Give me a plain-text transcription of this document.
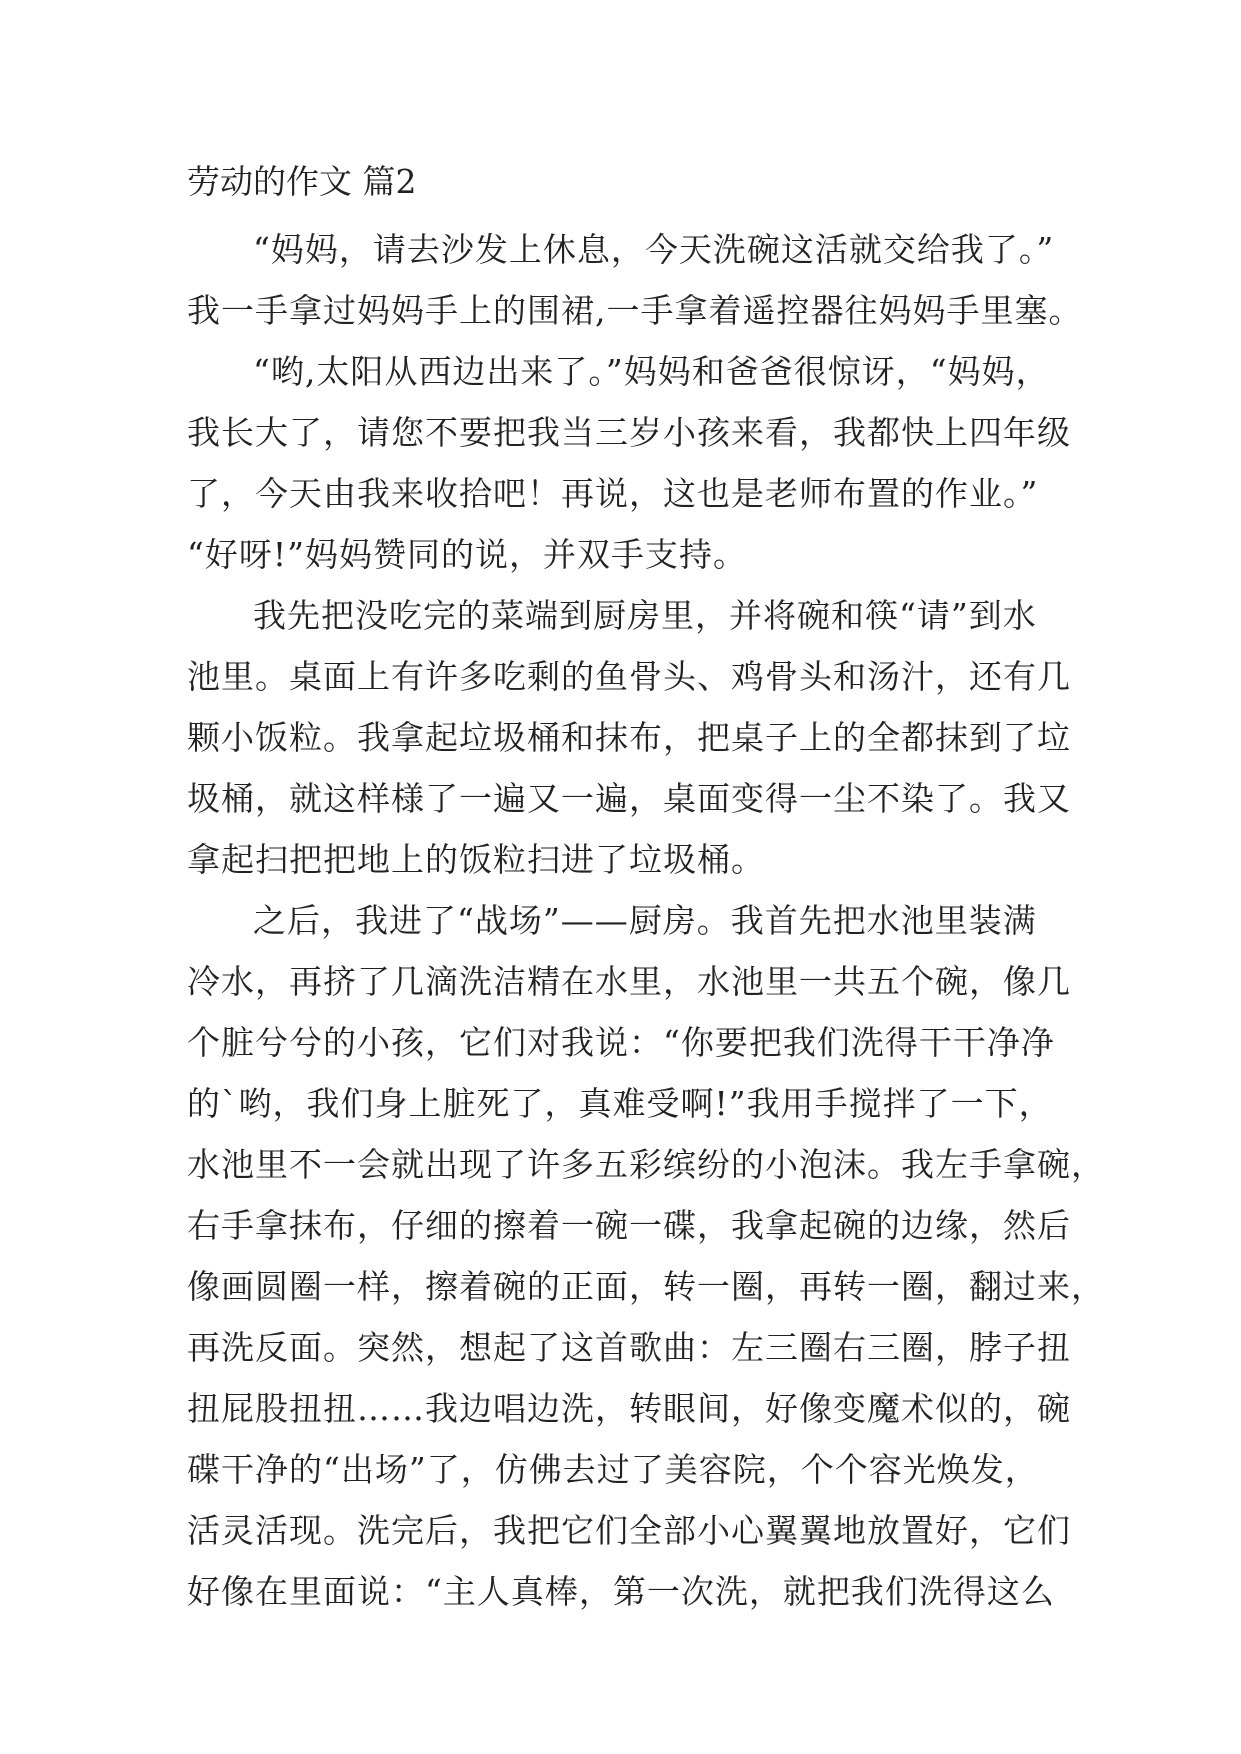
劳动的作文 篇2
“妈妈，请去沙发上休息，今天洗碗这活就交给我了。”
我一手拿过妈妈手上的围裙,一手拿着遥控器往妈妈手里塞。
“哟,太阳从西边出来了。”妈妈和爸爸很惊讶，“妈妈，
我长大了，请您不要把我当三岁小孩来看，我都快上四年级
了，今天由我来收拾吧！再说，这也是老师布置的作业。”
“好呀!”妈妈赞同的说，并双手支持。
我先把没吃完的菜端到厨房里，并将碗和筷“请”到水
池里。桌面上有许多吃剩的鱼骨头、鸡骨头和汤汁，还有几
颗小饭粒。我拿起垃圾桶和抹布，把桌子上的全都抹到了垃
圾桶，就这样様了一遍又一遍，桌面变得一尘不染了。我又
拿起扫把把地上的饭粒扫进了垃圾桶。
之后，我进了“战场”——厨房。我首先把水池里装满
冷水，再挤了几滴洗洁精在水里，水池里一共五个碗，像几
个脏兮兮的小孩，它们对我说：“你要把我们洗得干干净净
的`哟，我们身上脏死了，真难受啊!”我用手搅拌了一下，
水池里不一会就出现了许多五彩缤纷的小泡沫。我左手拿碗，
右手拿抹布，仔细的擦着一碗一碟，我拿起碗的边缘，然后
像画圆圈一样，擦着碗的正面，转一圈，再转一圈，翻过来，
再洗反面。突然，想起了这首歌曲：左三圈右三圈，脖子扭
扭屁股扭扭……我边唱边洗，转眼间，好像变魔术似的，碗
碟干净的“出场”了，仿佛去过了美容院，个个容光焕发，
活灵活现。洗完后，我把它们全部小心翼翼地放置好，它们
好像在里面说：“主人真棒，第一次洗，就把我们洗得这么
